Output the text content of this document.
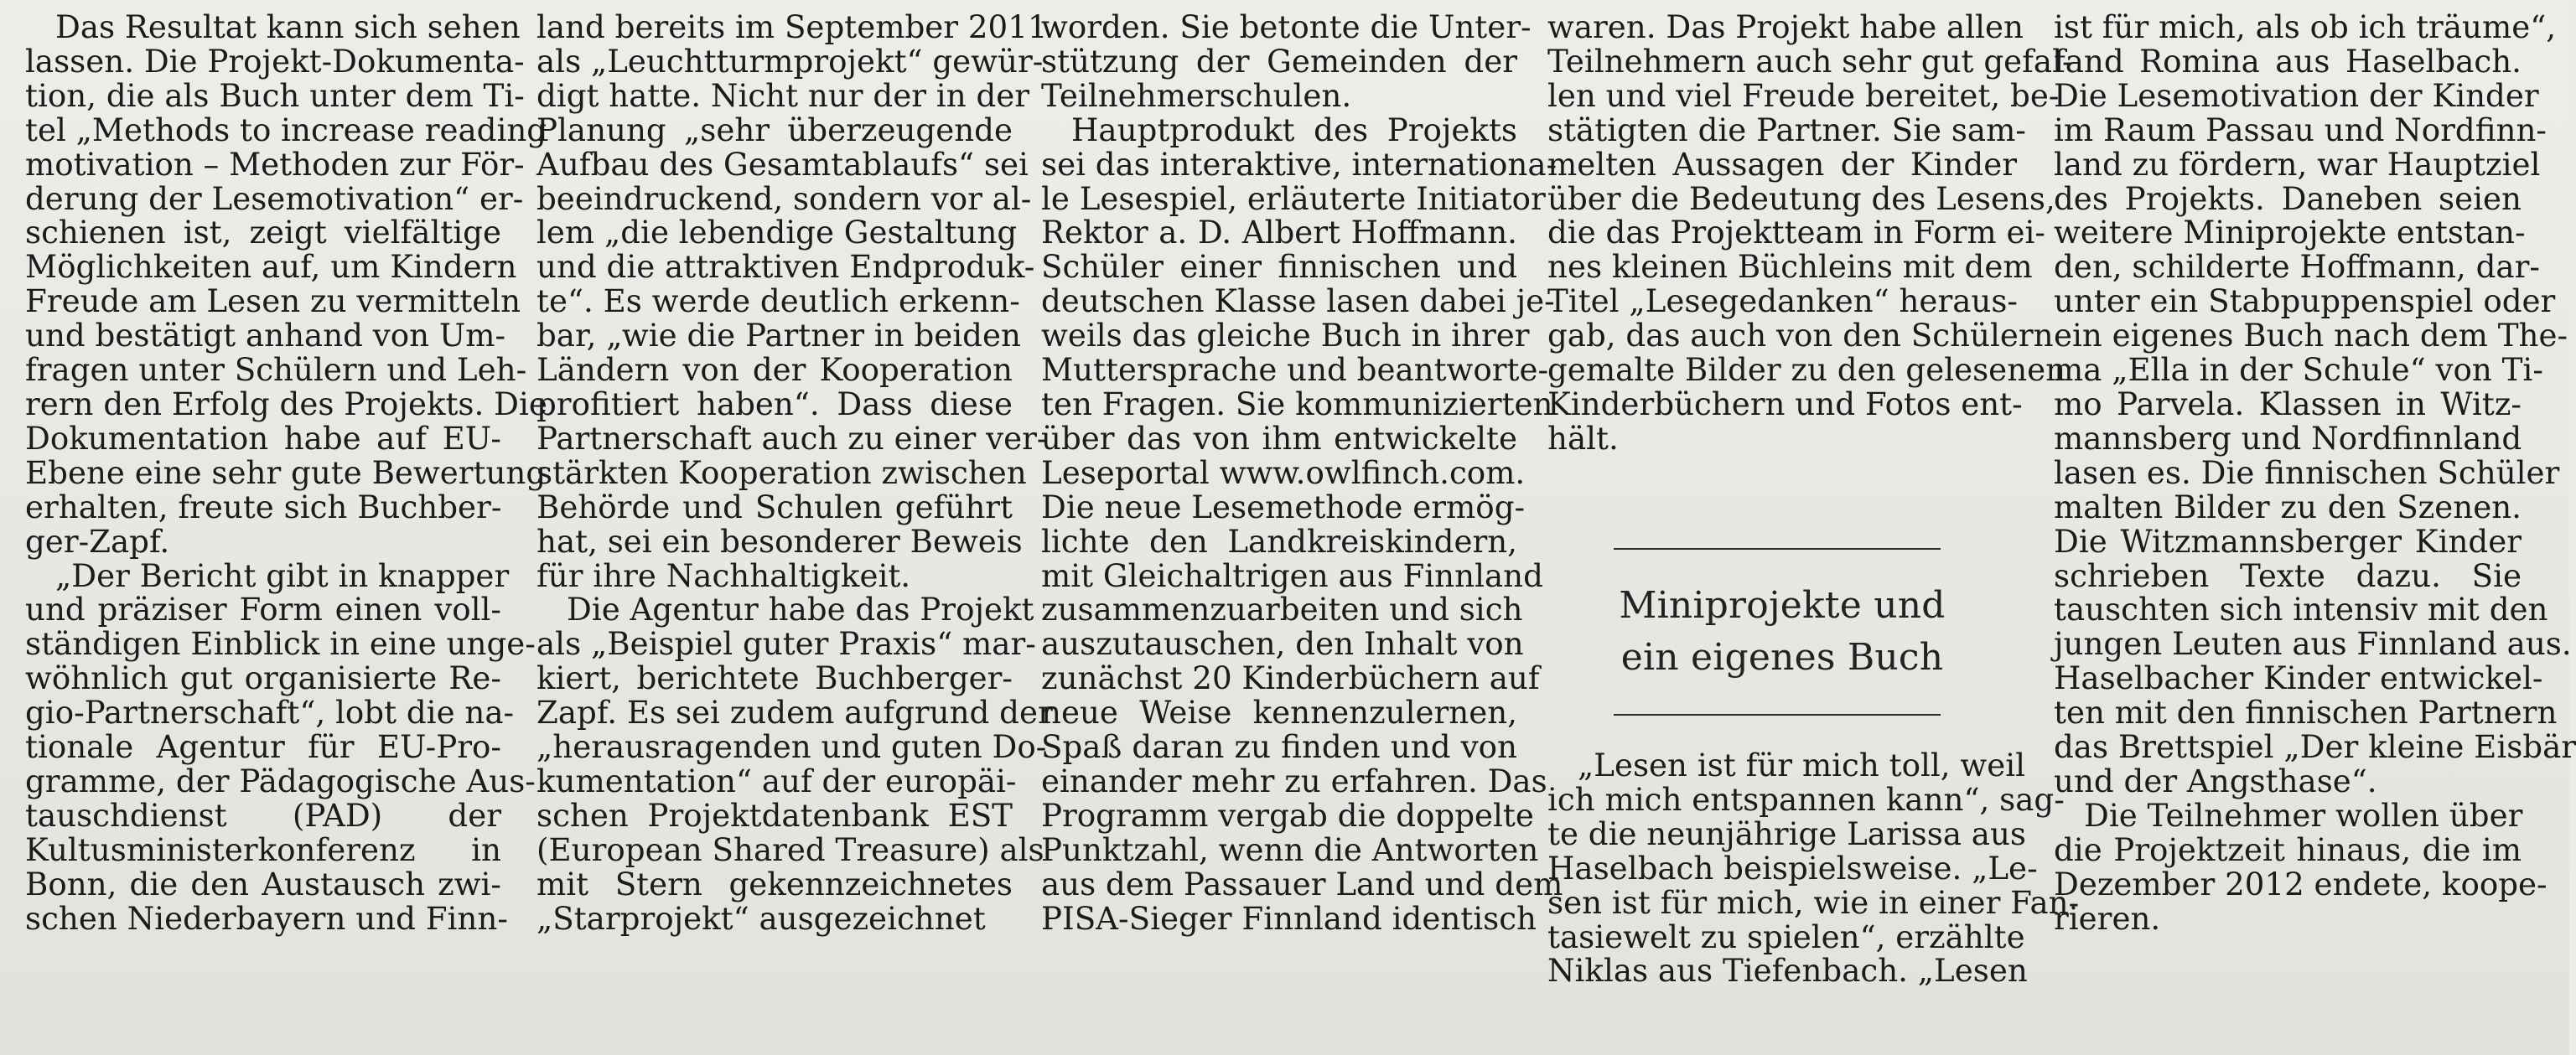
Das Resultat kann sich sehen
lassen. Die Projekt-Dokumenta-
tion, die als Buch unter dem Ti-
tel „Methods to increase reading
motivation – Methoden zur För-
derung der Lesemotivation“ er-
schienen ist, zeigt vielfältige
Möglichkeiten auf, um Kindern
Freude am Lesen zu vermitteln
und bestätigt anhand von Um-
fragen unter Schülern und Leh-
rern den Erfolg des Projekts. Die
Dokumentation habe auf EU-
Ebene eine sehr gute Bewertung
erhalten, freute sich Buchber-
ger-Zapf.

„Der Bericht gibt in knapper
und präziser Form einen voll-
ständigen Einblick in eine unge-
wöhnlich gut organisierte Re-
gio-Partnerschaft“, lobt die na-
tionale Agentur für EU-Pro-
gramme, der Pädagogische Aus-
tauschdienst (PAD) der
Kultusministerkonferenz in
Bonn, die den Austausch zwi-
schen Niederbayern und Finn-

land bereits im September 2011
als „Leuchtturmprojekt“ gewür-
digt hatte. Nicht nur der in der
Planung „sehr überzeugende
Aufbau des Gesamtablaufs“ sei
beeindruckend, sondern vor al-
lem „die lebendige Gestaltung
und die attraktiven Endproduk-
te“. Es werde deutlich erkenn-
bar, „wie die Partner in beiden
Ländern von der Kooperation
profitiert haben“. Dass diese
Partnerschaft auch zu einer ver-
stärkten Kooperation zwischen
Behörde und Schulen geführt
hat, sei ein besonderer Beweis
für ihre Nachhaltigkeit.

Die Agentur habe das Projekt
als „Beispiel guter Praxis“ mar-
kiert, berichtete Buchberger-
Zapf. Es sei zudem aufgrund der
„herausragenden und guten Do-
kumentation“ auf der europäi-
schen Projektdatenbank EST
(European Shared Treasure) als
mit Stern gekennzeichnetes
„Starprojekt“ ausgezeichnet

worden. Sie betonte die Unter-
stützung der Gemeinden der
Teilnehmerschulen.

Hauptprodukt des Projekts
sei das interaktive, internationa-
le Lesespiel, erläuterte Initiator
Rektor a. D. Albert Hoffmann.
Schüler einer finnischen und
deutschen Klasse lasen dabei je-
weils das gleiche Buch in ihrer
Muttersprache und beantworte-
ten Fragen. Sie kommunizierten
über das von ihm entwickelte
Leseportal www.owlfinch.com.
Die neue Lesemethode ermög-
lichte den Landkreiskindern,
mit Gleichaltrigen aus Finnland
zusammenzuarbeiten und sich
auszutauschen, den Inhalt von
zunächst 20 Kinderbüchern auf
neue Weise kennenzulernen,
Spaß daran zu finden und von
einander mehr zu erfahren. Das
Programm vergab die doppelte
Punktzahl, wenn die Antworten
aus dem Passauer Land und dem
PISA-Sieger Finnland identisch

waren. Das Projekt habe allen
Teilnehmern auch sehr gut gefal-
len und viel Freude bereitet, be-
stätigten die Partner. Sie sam-
melten Aussagen der Kinder
über die Bedeutung des Lesens,
die das Projektteam in Form ei-
nes kleinen Büchleins mit dem
Titel „Lesegedanken“ heraus-
gab, das auch von den Schülern
gemalte Bilder zu den gelesenen
Kinderbüchern und Fotos ent-
hält.

Miniprojekte und
ein eigenes Buch

„Lesen ist für mich toll, weil
ich mich entspannen kann“, sag-
te die neunjährige Larissa aus
Haselbach beispielsweise. „Le-
sen ist für mich, wie in einer Fan-
tasiewelt zu spielen“, erzählte
Niklas aus Tiefenbach. „Lesen

ist für mich, als ob ich träume“,
fand Romina aus Haselbach.
Die Lesemotivation der Kinder
im Raum Passau und Nordfinn-
land zu fördern, war Hauptziel
des Projekts. Daneben seien
weitere Miniprojekte entstan-
den, schilderte Hoffmann, dar-
unter ein Stabpuppenspiel oder
ein eigenes Buch nach dem The-
ma „Ella in der Schule“ von Ti-
mo Parvela. Klassen in Witz-
mannsberg und Nordfinnland
lasen es. Die finnischen Schüler
malten Bilder zu den Szenen.
Die Witzmannsberger Kinder
schrieben Texte dazu. Sie
tauschten sich intensiv mit den
jungen Leuten aus Finnland aus.
Haselbacher Kinder entwickel-
ten mit den finnischen Partnern
das Brettspiel „Der kleine Eisbär
und der Angsthase“.

Die Teilnehmer wollen über
die Projektzeit hinaus, die im
Dezember 2012 endete, koope-
rieren.
